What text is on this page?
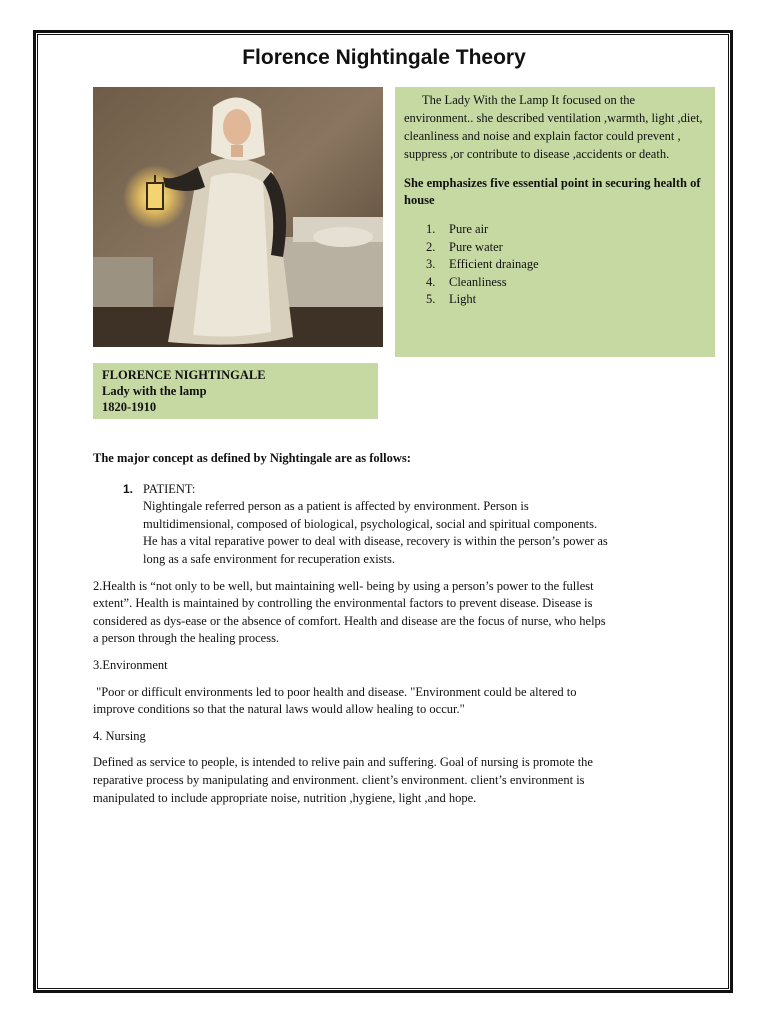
Florence Nightingale Theory

The Lady With the Lamp It focused on the environment.. she described ventilation ,warmth, light ,diet, cleanliness and noise and explain factor could prevent , suppress ,or contribute to disease ,accidents or death.

She emphasizes five essential point in securing health of house

1.	Pure air
2.	Pure water
3.	Efficient drainage
4.	Cleanliness
5.	Light
FLORENCE NIGHTINGALE
Lady with the lamp
1820-1910

The major concept as defined by Nightingale are as follows:

1. PATIENT:

Nightingale referred person as a patient is affected by environment. Person is

multidimensional, composed of biological, psychological, social and spiritual components.

He has a vital reparative power to deal with disease, recovery is within the person’s power as

long as a safe environment for recuperation exists.

2.Health is “not only to be well, but maintaining well- being by using a person’s power to the fullest

extent”. Health is maintained by controlling the environmental factors to prevent disease. Disease is

considered as dys-ease or the absence of comfort. Health and disease are the focus of nurse, who helps

a person through the healing process.

3.Environment

"Poor or difficult environments led to poor health and disease. "Environment could be altered to

improve conditions so that the natural laws would allow healing to occur."

4. Nursing

Defined as service to people, is intended to relive pain and suffering. Goal of nursing is promote the

reparative process by manipulating and environment. client’s environment. client’s environment is

manipulated to include appropriate noise, nutrition ,hygiene, light ,and hope.
